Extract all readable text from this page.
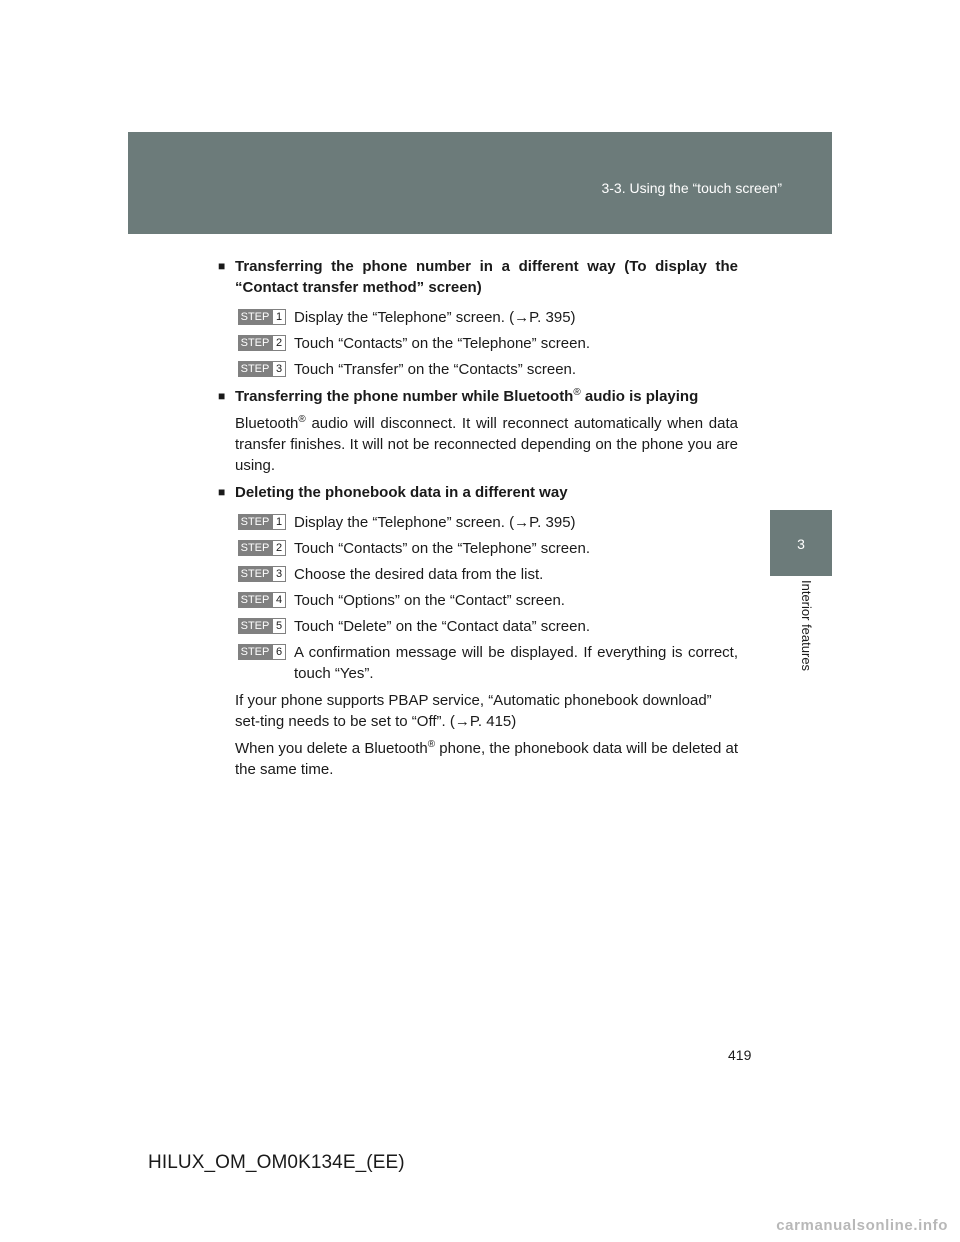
3-3. Using the “touch screen”
3
Interior features
■ Transferring the phone number in a different way (To display the “Contact transfer method” screen)
STEP 1 Display the “Telephone” screen. (→P. 395)
STEP 2 Touch “Contacts” on the “Telephone” screen.
STEP 3 Touch “Transfer” on the “Contacts” screen.
■ Transferring the phone number while Bluetooth® audio is playing
Bluetooth® audio will disconnect. It will reconnect automatically when data transfer finishes. It will not be reconnected depending on the phone you are using.
■ Deleting the phonebook data in a different way
STEP 1 Display the “Telephone” screen. (→P. 395)
STEP 2 Touch “Contacts” on the “Telephone” screen.
STEP 3 Choose the desired data from the list.
STEP 4 Touch “Options” on the “Contact” screen.
STEP 5 Touch “Delete” on the “Contact data” screen.
STEP 6 A confirmation message will be displayed. If everything is correct, touch “Yes”.
If your phone supports PBAP service, “Automatic phonebook download” set-ting needs to be set to “Off”. (→P. 415)
When you delete a Bluetooth® phone, the phonebook data will be deleted at the same time.
419
HILUX_OM_OM0K134E_(EE)
carmanualsonline.info
